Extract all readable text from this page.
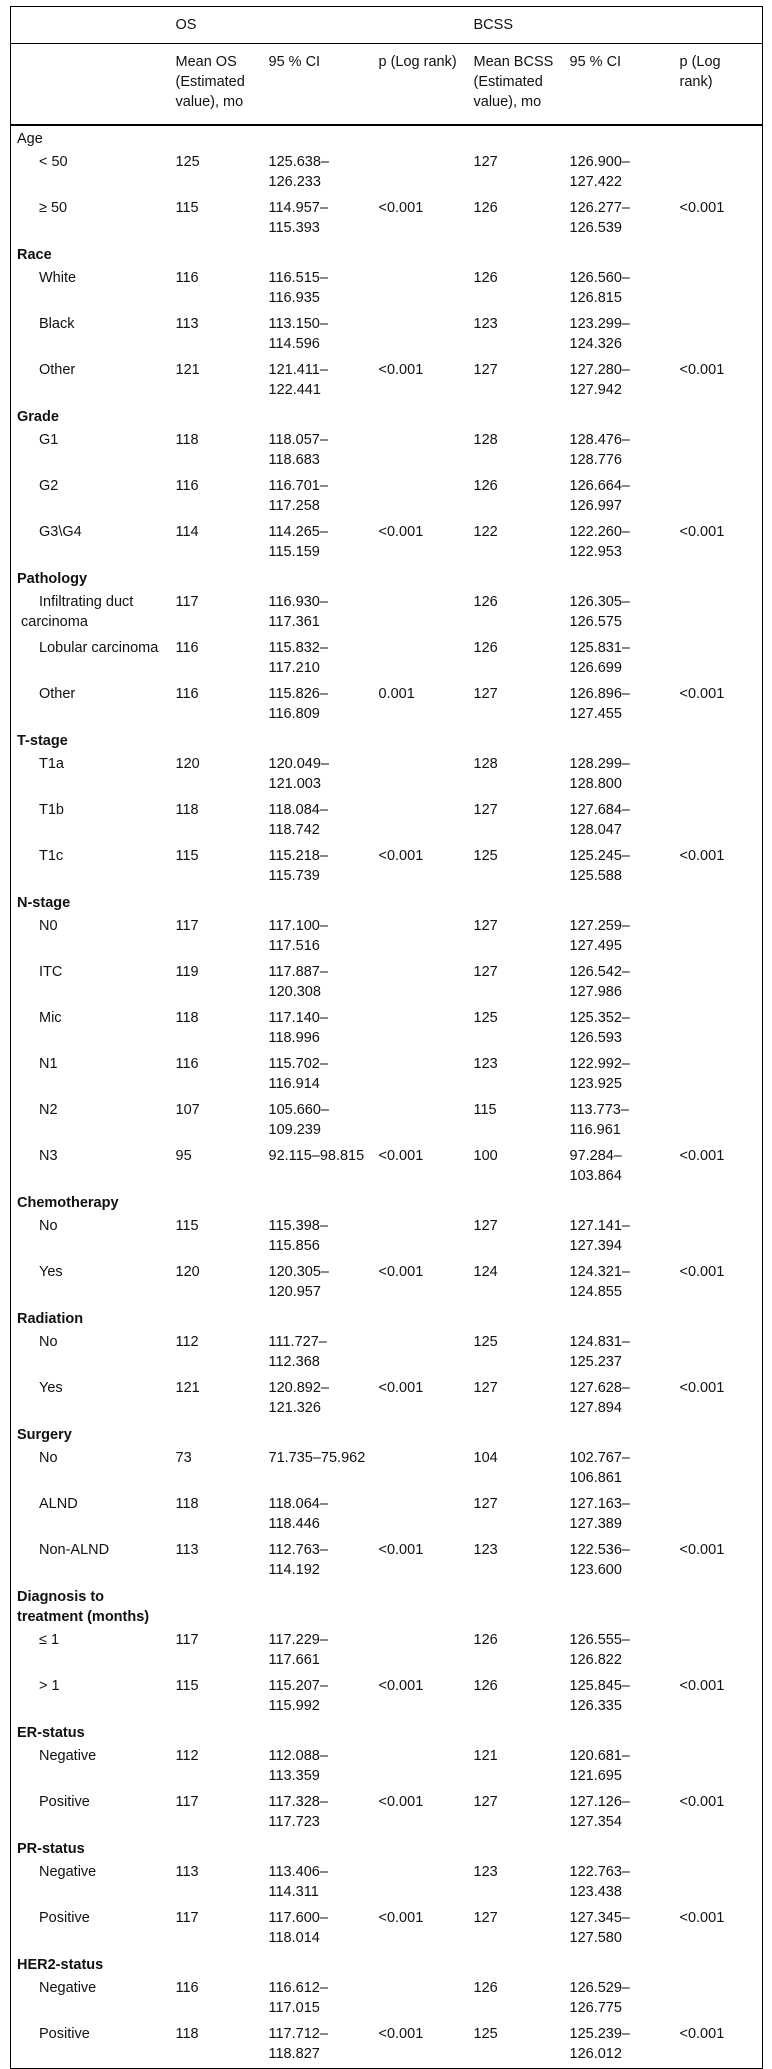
	OS			BCSS		
	Mean OS (Estimated value), mo	95 % CI	p (Log rank)	Mean BCSS (Estimated value), mo	95 % CI	p (Log rank)
Age						
< 50	125	125.638–126.233		127	126.900–127.422	
≥ 50	115	114.957–115.393	<0.001	126	126.277–126.539	<0.001
Race						
White	116	116.515–116.935		126	126.560–126.815	
Black	113	113.150–114.596		123	123.299–124.326	
Other	121	121.411–122.441	<0.001	127	127.280–127.942	<0.001
Grade						
G1	118	118.057–118.683		128	128.476–128.776	
G2	116	116.701–117.258		126	126.664–126.997	
G3\G4	114	114.265–115.159	<0.001	122	122.260–122.953	<0.001
Pathology						
Infiltrating duct carcinoma	117	116.930–117.361		126	126.305–126.575	
Lobular carcinoma	116	115.832–117.210		126	125.831–126.699	
Other	116	115.826–116.809	0.001	127	126.896–127.455	<0.001
T-stage						
T1a	120	120.049–121.003		128	128.299–128.800	
T1b	118	118.084–118.742		127	127.684–128.047	
T1c	115	115.218–115.739	<0.001	125	125.245–125.588	<0.001
N-stage						
N0	117	117.100–117.516		127	127.259–127.495	
ITC	119	117.887–120.308		127	126.542–127.986	
Mic	118	117.140–118.996		125	125.352–126.593	
N1	116	115.702–116.914		123	122.992–123.925	
N2	107	105.660–109.239		115	113.773–116.961	
N3	95	92.115–98.815	<0.001	100	97.284–103.864	<0.001
Chemotherapy						
No	115	115.398–115.856		127	127.141–127.394	
Yes	120	120.305–120.957	<0.001	124	124.321–124.855	<0.001
Radiation						
No	112	111.727–112.368		125	124.831–125.237	
Yes	121	120.892–121.326	<0.001	127	127.628–127.894	<0.001
Surgery						
No	73	71.735–75.962		104	102.767–106.861	
ALND	118	118.064–118.446		127	127.163–127.389	
Non-ALND	113	112.763–114.192	<0.001	123	122.536–123.600	<0.001
Diagnosis to treatment (months)						
≤ 1	117	117.229–117.661		126	126.555–126.822	
> 1	115	115.207–115.992	<0.001	126	125.845–126.335	<0.001
ER-status						
Negative	112	112.088–113.359		121	120.681–121.695	
Positive	117	117.328–117.723	<0.001	127	127.126–127.354	<0.001
PR-status						
Negative	113	113.406–114.311		123	122.763–123.438	
Positive	117	117.600–118.014	<0.001	127	127.345–127.580	<0.001
HER2-status						
Negative	116	116.612–117.015		126	126.529–126.775	
Positive	118	117.712–118.827	<0.001	125	125.239–126.012	<0.001
